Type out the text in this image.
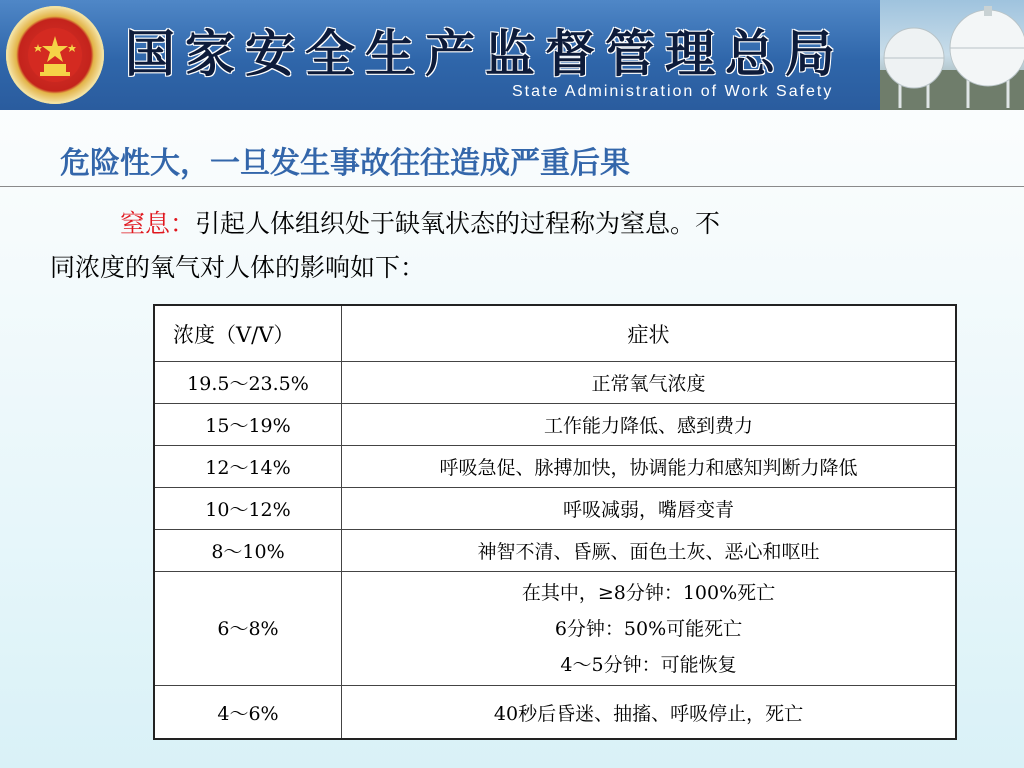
国家安全生产监督管理总局
State Administration of Work Safety
危险性大，一旦发生事故往往造成严重后果
窒息：引起人体组织处于缺氧状态的过程称为窒息。不
同浓度的氧气对人体的影响如下：
浓度（V/V）	症状
19.5～23.5%	正常氧气浓度
15～19%	工作能力降低、感到费力
12～14%	呼吸急促、脉搏加快，协调能力和感知判断力降低
10～12%	呼吸减弱，嘴唇变青
8～10%	神智不清、昏厥、面色土灰、恶心和呕吐
6～8%	在其中，≥8分钟：100%死亡
6分钟：50%可能死亡
4～5分钟：可能恢复

4～6%	40秒后昏迷、抽搐、呼吸停止，死亡
